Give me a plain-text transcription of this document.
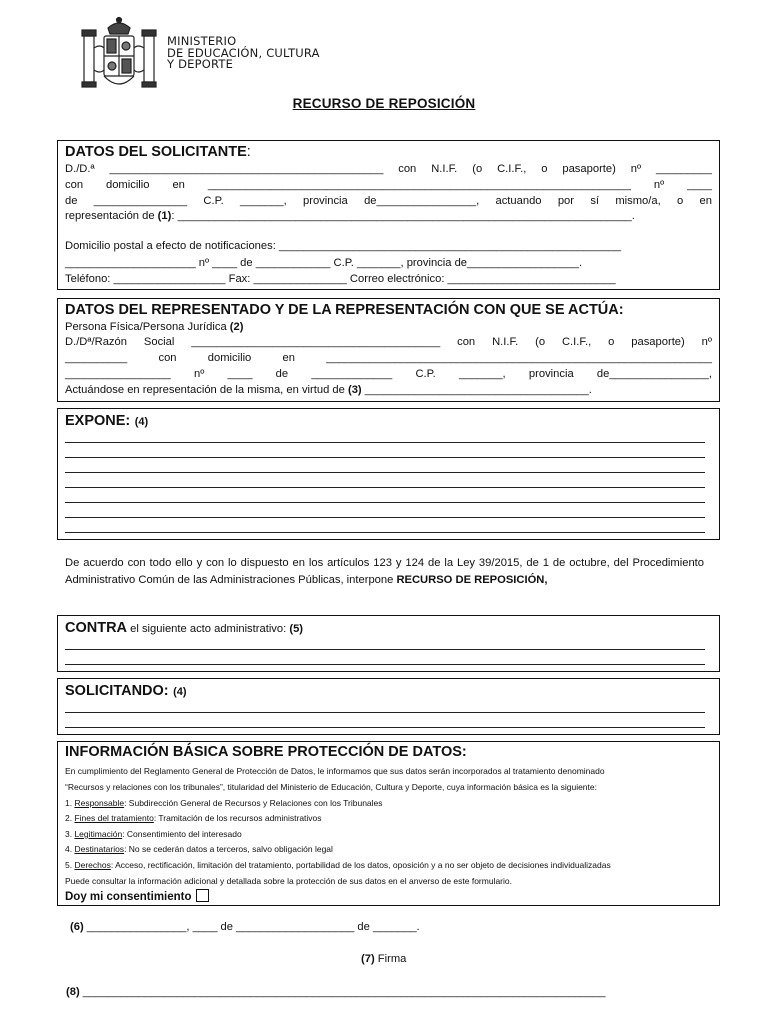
MINISTERIO
DE EDUCACIÓN, CULTURA
Y DEPORTE
RECURSO DE REPOSICIÓN
DATOS DEL SOLICITANTE:
D./D.ª ____________________________________________ con N.I.F. (o C.I.F., o pasaporte) nº _________
con domicilio en ____________________________________________________________________ nº ____
de _______________ C.P. _______, provincia de________________, actuando por sí mismo/a, o en
representación de (1): _________________________________________________________________________.
Domicilio postal a efecto de notificaciones: _______________________________________________________
_____________________ nº ____ de ____________ C.P. _______, provincia de__________________.
Teléfono: __________________ Fax: _______________ Correo electrónico: ___________________________
DATOS DEL REPRESENTADO Y DE LA REPRESENTACIÓN CON QUE SE ACTÚA:
Persona Física/Persona Jurídica (2)
D./Dª/Razón Social ________________________________________ con N.I.F. (o C.I.F., o pasaporte) nº
__________ con domicilio en ______________________________________________________________
_________________ nº ____ de _____________ C.P. _______, provincia de________________,
Actuándose en representación de la misma, en virtud de (3) ____________________________________.
EXPONE: (4)
De acuerdo con todo ello y con lo dispuesto en los artículos 123 y 124 de la Ley 39/2015, de 1 de octubre, del Procedimiento Administrativo Común de las Administraciones Públicas, interpone RECURSO DE REPOSICIÓN,
CONTRA el siguiente acto administrativo: (5)
SOLICITANDO: (4)
INFORMACIÓN BÁSICA SOBRE PROTECCIÓN DE DATOS:
En cumplimiento del Reglamento General de Protección de Datos, le informamos que sus datos serán incorporados al tratamiento denominado
“Recursos y relaciones con los tribunales”, titularidad del Ministerio de Educación, Cultura y Deporte, cuya información básica es la siguiente:
1. Responsable: Subdirección General de Recursos y Relaciones con los Tribunales
2. Fines del tratamiento: Tramitación de los recursos administrativos
3. Legitimación: Consentimiento del interesado
4. Destinatarios: No se cederán datos a terceros, salvo obligación legal
5. Derechos: Acceso, rectificación, limitación del tratamiento, portabilidad de los datos, oposición y a no ser objeto de decisiones individualizadas
Puede consultar la información adicional y detallada sobre la protección de sus datos en el anverso de este formulario.
Doy mi consentimiento
(6) ________________, ____ de ___________________ de _______.
(7) Firma
(8) ____________________________________________________________________________________
